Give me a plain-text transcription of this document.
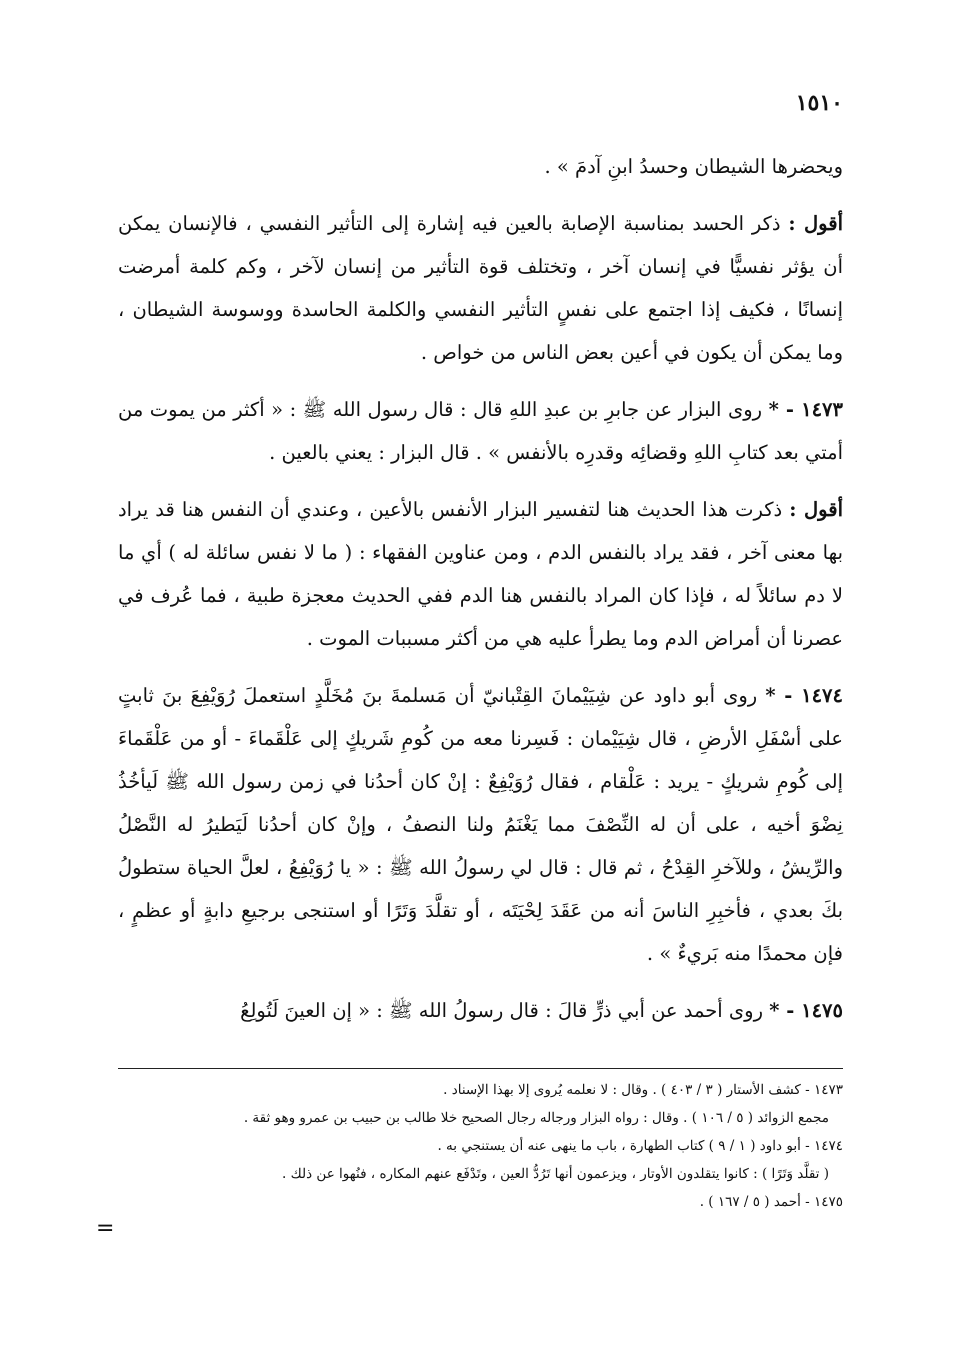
١٥١٠

ويحضرها الشيطان وحسدُ ابنِ آدمَ » .

أقول : ذكر الحسد بمناسبة الإصابة بالعين فيه إشارة إلى التأثير النفسي ، فالإنسان يمكن أن يؤثر نفسيًّا في إنسان آخر ، وتختلف قوة التأثير من إنسان لآخر ، وكم كلمة أمرضت إنسانًا ، فكيف إذا اجتمع على نفسٍ التأثير النفسي والكلمة الحاسدة ووسوسة الشيطان ، وما يمكن أن يكون في أعين بعض الناس من خواص .

١٤٧٣ - * روى البزار عن جابرِ بن عبدِ اللهِ قال : قال رسول الله ﷺ : « أكثر من يموت من أمتي بعد كتابِ اللهِ وقضائِه وقدرِه بالأنفس » . قال البزار : يعني بالعين .

أقول : ذكرت هذا الحديث هنا لتفسير البزار الأنفس بالأعين ، وعندي أن النفس هنا قد يراد بها معنى آخر ، فقد يراد بالنفس الدم ، ومن عناوين الفقهاء : ( ما لا نفس سائلة له ) أي ما لا دم سائلاً له ، فإذا كان المراد بالنفس هنا الدم ففي الحديث معجزة طبية ، فما عُرف في عصرنا أن أمراض الدم وما يطرأ عليه هي من أكثر مسببات الموت .

١٤٧٤ - * روى أبو داود عن شِيَيْمانَ القِتْبانيّ أن مَسلمةَ بنَ مُخَلَّدٍ استعملَ رُوَيْفِعَ بنَ ثابتٍ على أسْفَلِ الأرضِ ، قال شِيَيْمان : فَسِرنا معه من كُومِ شَريكٍ إلى عَلْقَماءَ - أو من عَلْقَماءَ إلى كُومِ شريكٍ - يريد : عَلْقام ، فقال رُوَيْفِعٌ : إنْ كان أحدُنا في زمن رسول الله ﷺ لَيأخُذُ نِضْوَ أخيه ، على أن له النِّصْفَ مما يَغْنَمُ ولنا النصفُ ، وإنْ كان أحدُنا لَيَطيرُ له النَّصْلُ والرِّيشُ ، وللآخرِ القِدْحُ ، ثم قال : قال لي رسولُ الله ﷺ : « يا رُوَيْفِعُ ، لعلَّ الحياة ستطولُ بكَ بعدي ، فأخبِرِ الناسَ أنه من عَقَدَ لِحْيَتَه ، أو تقلَّدَ وَتَرًا أو استنجى برجيعِ دابةٍ أو عظمٍ ، فإن محمدًا منه بَريءٌ » .

١٤٧٥ - * روى أحمد عن أبي ذرٍّ قالَ : قال رسولُ الله ﷺ : « إن العينَ لَتُولِعُ

١٤٧٣ - كشف الأستار ( ٣ / ٤٠٣ ) . وقال : لا نعلمه يُروى إلا بهذا الإسناد .

مجمع الزوائد ( ٥ / ١٠٦ ) . وقال : رواه البزار ورجاله رجال الصحيح خلا طالب بن حبيب بن عمرو وهو ثقة .

١٤٧٤ - أبو داود ( ١ / ٩ ) كتاب الطهارة ، باب ما ينهى عنه أن يستنجي به .

( تقلَّد وَتَرًا ) : كانوا يتقلدون الأوتار ، ويزعمون أنها تَرُدُّ العين ، وتَدْفَع عنهم المكاره ، فنُهوا عن ذلك .

١٤٧٥ - أحمد ( ٥ / ١٦٧ ) .

=
